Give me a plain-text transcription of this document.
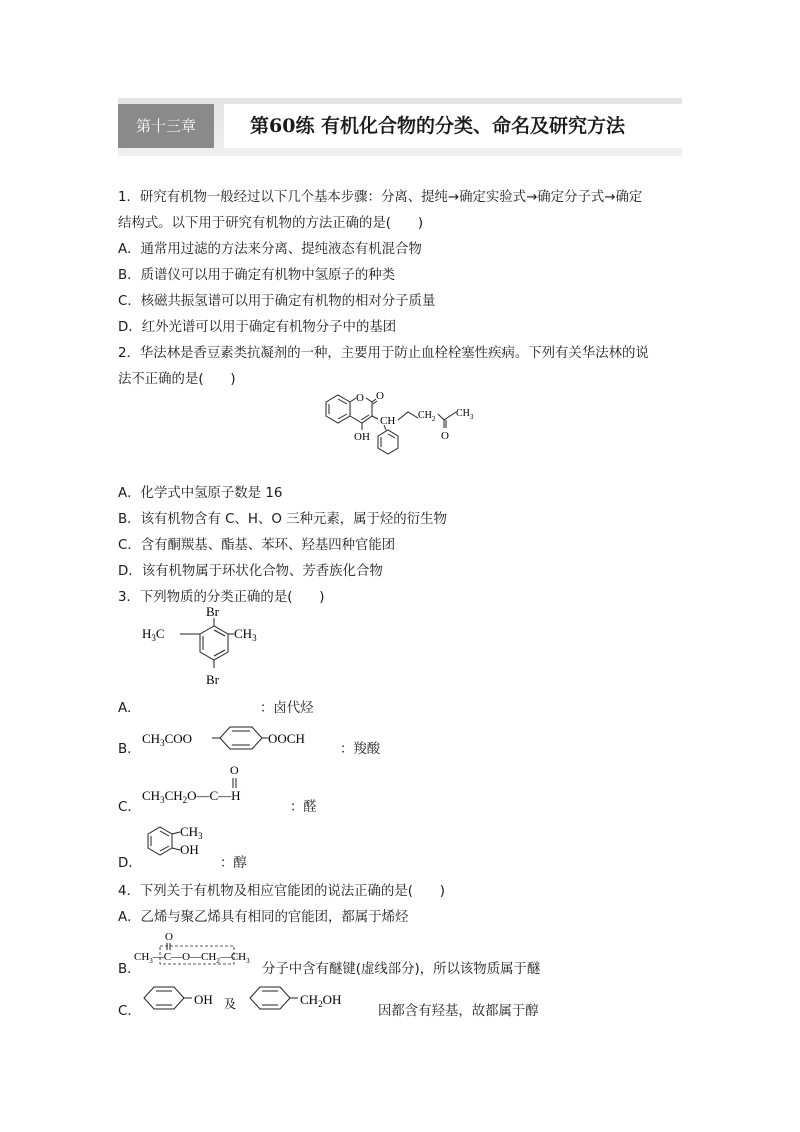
第十三章	第60练 有机化合物的分类、命名及研究方法
1．研究有机物一般经过以下几个基本步骤：分离、提纯→确定实验式→确定分子式→确定
结构式。以下用于研究有机物的方法正确的是(　　)
A．通常用过滤的方法来分离、提纯液态有机混合物
B．质谱仪可以用于确定有机物中氢原子的种类
C．核磁共振氢谱可以用于确定有机物的相对分子质量
D．红外光谱可以用于确定有机物分子中的基团
2．华法林是香豆素类抗凝剂的一种，主要用于防止血栓栓塞性疾病。下列有关华法林的说
法不正确的是(　　)
O O
CH $CH_2$ $CH_3$
O
OH
A．化学式中氢原子数是 16
B．该有机物含有 C、H、O 三种元素，属于烃的衍生物
C．含有酮羰基、酯基、苯环、羟基四种官能团
D．该有机物属于环状化合物、芳香族化合物
3．下列物质的分类正确的是(　　)
Br
Br
$H_3C$	$CH_3$
A．	：卤代烃
B．
$CH_3COO$	OOCH
：羧酸
C．
O
$CH_3CH_2O—C—H$
：醛
D．
$CH_3$
OH
：醇
4．下列关于有机物及相应官能团的说法正确的是(　　)
A．乙烯与聚乙烯具有相同的官能团，都属于烯烃
B．
O
$CH_3—C—O—CH_2—CH_3$
分子中含有醚键(虚线部分)，所以该物质属于醚
C．
OH 及	$CH_2OH$
因都含有羟基，故都属于醇
